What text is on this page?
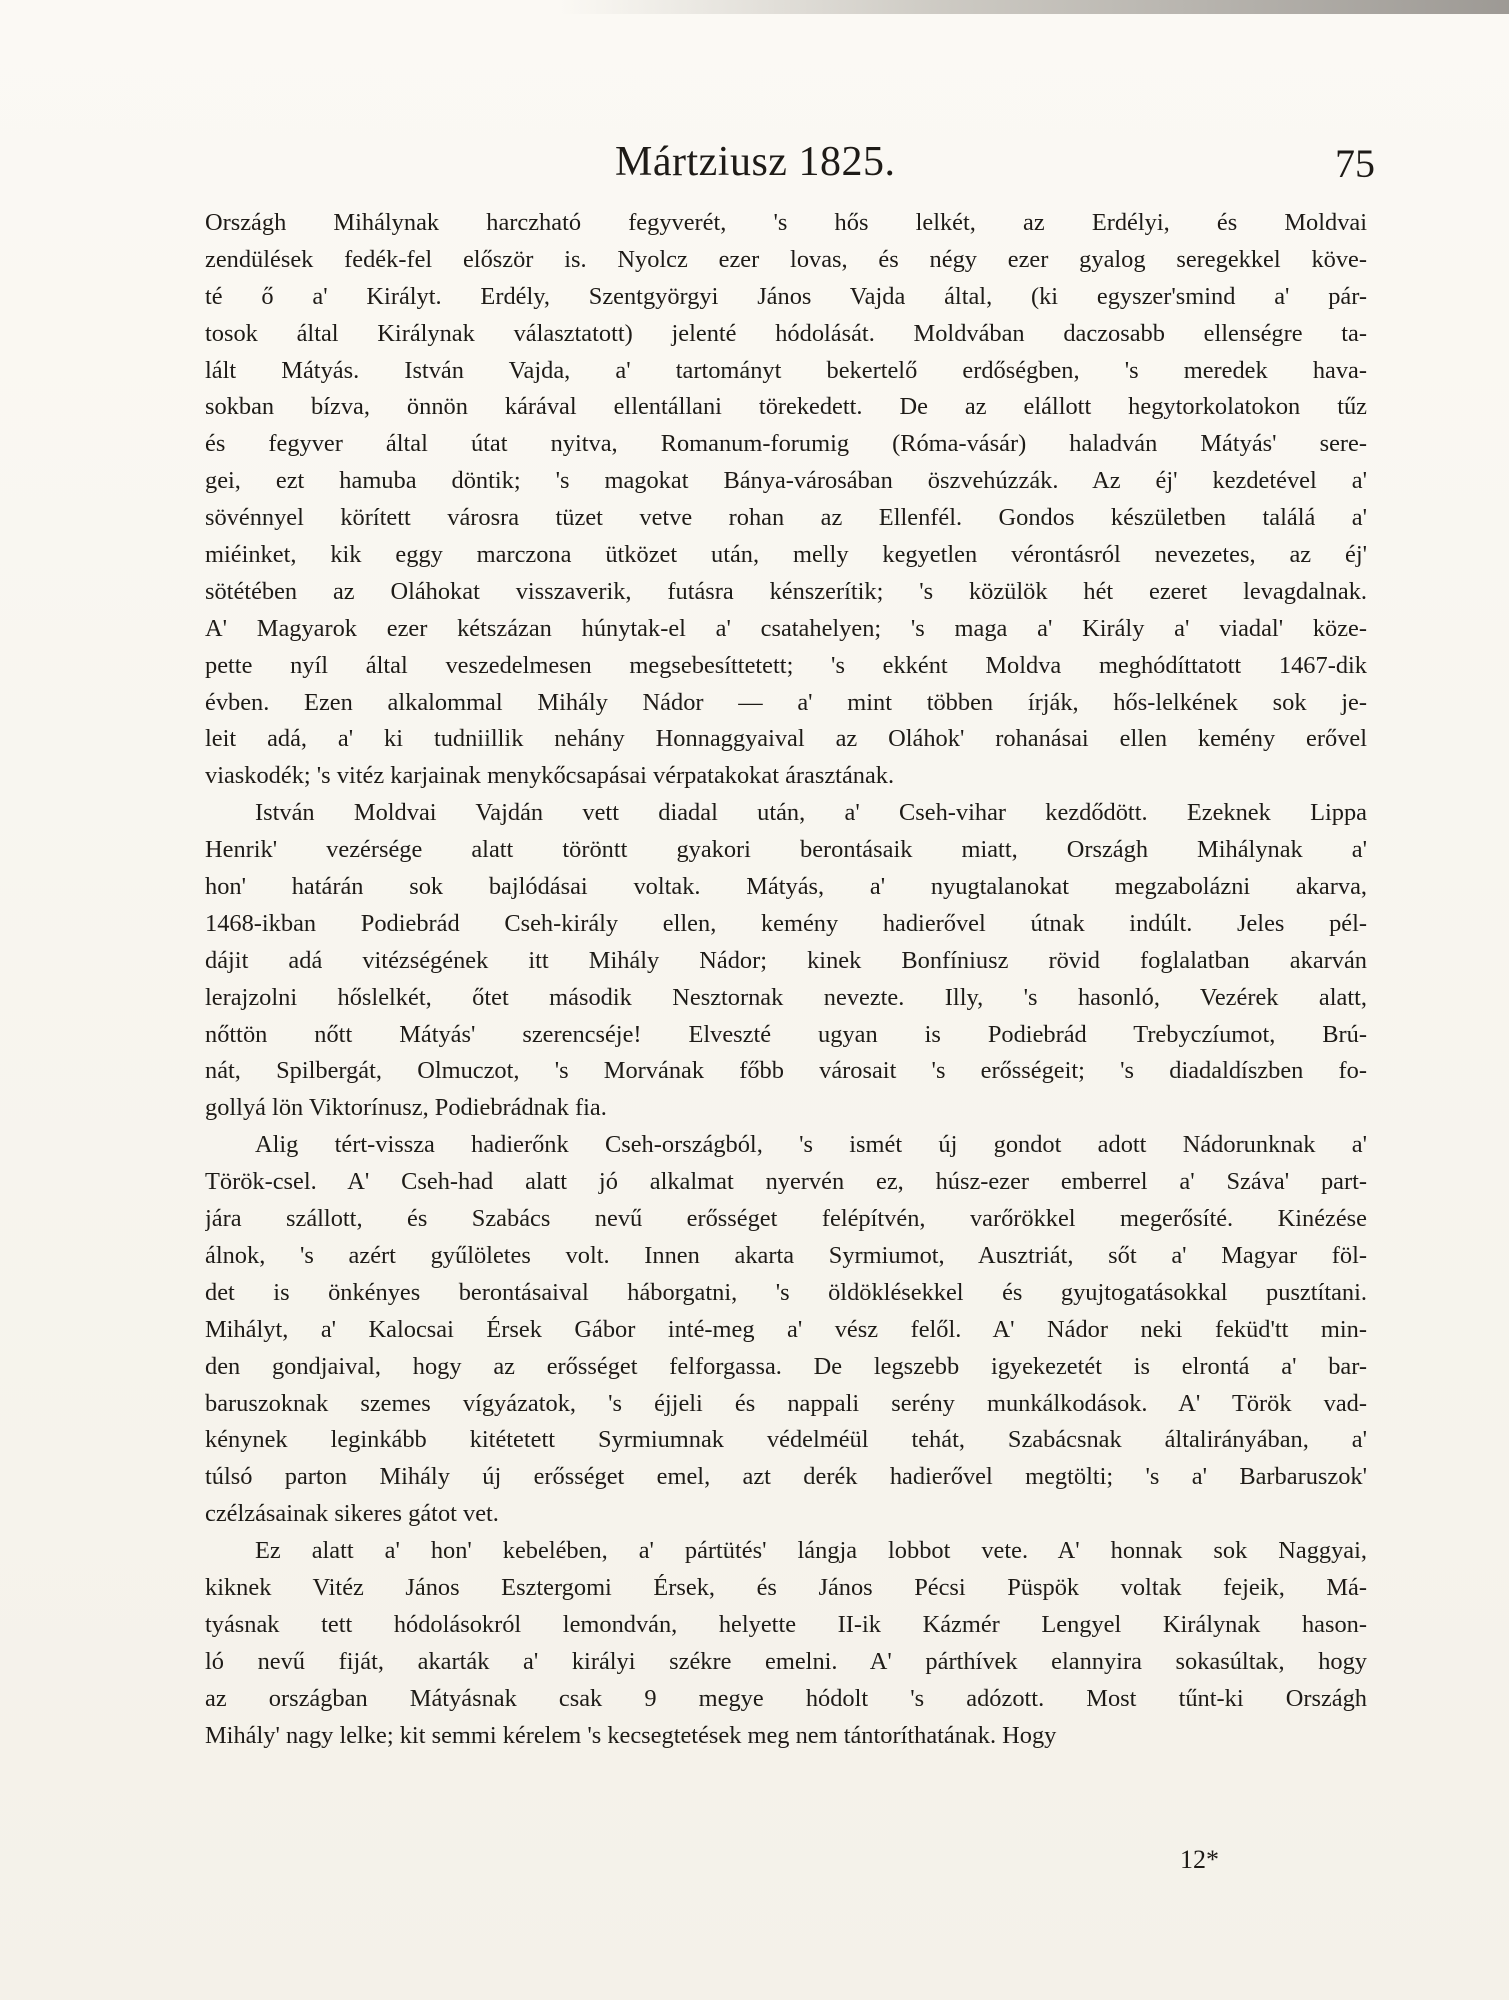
Mártziusz 1825.	75
Országh Mihálynak harczható fegyverét, 's hős lelkét, az Erdélyi, és Moldvai
zendülések fedék-fel először is. Nyolcz ezer lovas, és négy ezer gyalog seregekkel köve-
té ő a' Királyt. Erdély, Szentgyörgyi János Vajda által, (ki egyszer'smind a' pár-
tosok által Királynak választatott) jelenté hódolását. Moldvában daczosabb ellenségre ta-
lált Mátyás. István Vajda, a' tartományt bekertelő erdőségben, 's meredek hava-
sokban bízva, önnön kárával ellentállani törekedett. De az elállott hegytorkolatokon tűz
és fegyver által útat nyitva, Romanum-forumig (Róma-vásár) haladván Mátyás' sere-
gei, ezt hamuba döntik; 's magokat Bánya-városában öszvehúzzák. Az éj' kezdetével a'
sövénnyel körített városra tüzet vetve rohan az Ellenfél. Gondos készületben találá a'
miéinket, kik eggy marczona ütközet után, melly kegyetlen vérontásról nevezetes, az éj'
sötétében az Oláhokat visszaverik, futásra kénszerítik; 's közülök hét ezeret levagdalnak.
A' Magyarok ezer kétszázan húnytak-el a' csatahelyen; 's maga a' Király a' viadal' köze-
pette nyíl által veszedelmesen megsebesíttetett; 's ekként Moldva meghódíttatott 1467-dik
évben. Ezen alkalommal Mihály Nádor — a' mint többen írják, hős-lelkének sok je-
leit adá, a' ki tudniillik nehány Honnaggyaival az Oláhok' rohanásai ellen kemény erővel
viaskodék; 's vitéz karjainak menykőcsapásai vérpatakokat árasztának.
István Moldvai Vajdán vett diadal után, a' Cseh-vihar kezdődött. Ezeknek Lippa
Henrik' vezérsége alatt töröntt gyakori berontásaik miatt, Országh Mihálynak a'
hon' határán sok bajlódásai voltak. Mátyás, a' nyugtalanokat megzabolázni akarva,
1468-ikban Podiebrád Cseh-király ellen, kemény hadierővel útnak indúlt. Jeles pél-
dájit adá vitézségének itt Mihály Nádor; kinek Bonfíniusz rövid foglalatban akarván
lerajzolni hőslelkét, őtet második Nesztornak nevezte. Illy, 's hasonló, Vezérek alatt,
nőttön nőtt Mátyás' szerencséje! Elveszté ugyan is Podiebrád Trebyczíumot, Brú-
nát, Spilbergát, Olmuczot, 's Morvának főbb városait 's erősségeit; 's diadaldíszben fo-
gollyá lön Viktorínusz, Podiebrádnak fia.
Alig tért-vissza hadierőnk Cseh-országból, 's ismét új gondot adott Nádorunknak a'
Török-csel. A' Cseh-had alatt jó alkalmat nyervén ez, húsz-ezer emberrel a' Száva' part-
jára szállott, és Szabács nevű erősséget felépítvén, varőrökkel megerősíté. Kinézése
álnok, 's azért gyűlöletes volt. Innen akarta Syrmiumot, Ausztriát, sőt a' Magyar föl-
det is önkényes berontásaival háborgatni, 's öldöklésekkel és gyujtogatásokkal pusztítani.
Mihályt, a' Kalocsai Érsek Gábor inté-meg a' vész felől. A' Nádor neki feküd'tt min-
den gondjaival, hogy az erősséget felforgassa. De legszebb igyekezetét is elrontá a' bar-
baruszoknak szemes vígyázatok, 's éjjeli és nappali serény munkálkodások. A' Török vad-
kénynek leginkább kitétetett Syrmiumnak védelméül tehát, Szabácsnak általirányában, a'
túlsó parton Mihály új erősséget emel, azt derék hadierővel megtölti; 's a' Barbaruszok'
czélzásainak sikeres gátot vet.
Ez alatt a' hon' kebelében, a' pártütés' lángja lobbot vete. A' honnak sok Naggyai,
kiknek Vitéz János Esztergomi Érsek, és János Pécsi Püspök voltak fejeik, Má-
tyásnak tett hódolásokról lemondván, helyette II-ik Kázmér Lengyel Királynak hason-
ló nevű fiját, akarták a' királyi székre emelni. A' párthívek elannyira sokasúltak, hogy
az országban Mátyásnak csak 9 megye hódolt 's adózott. Most tűnt-ki Országh
Mihály' nagy lelke; kit semmi kérelem 's kecsegtetések meg nem tántoríthatának. Hogy
12*
